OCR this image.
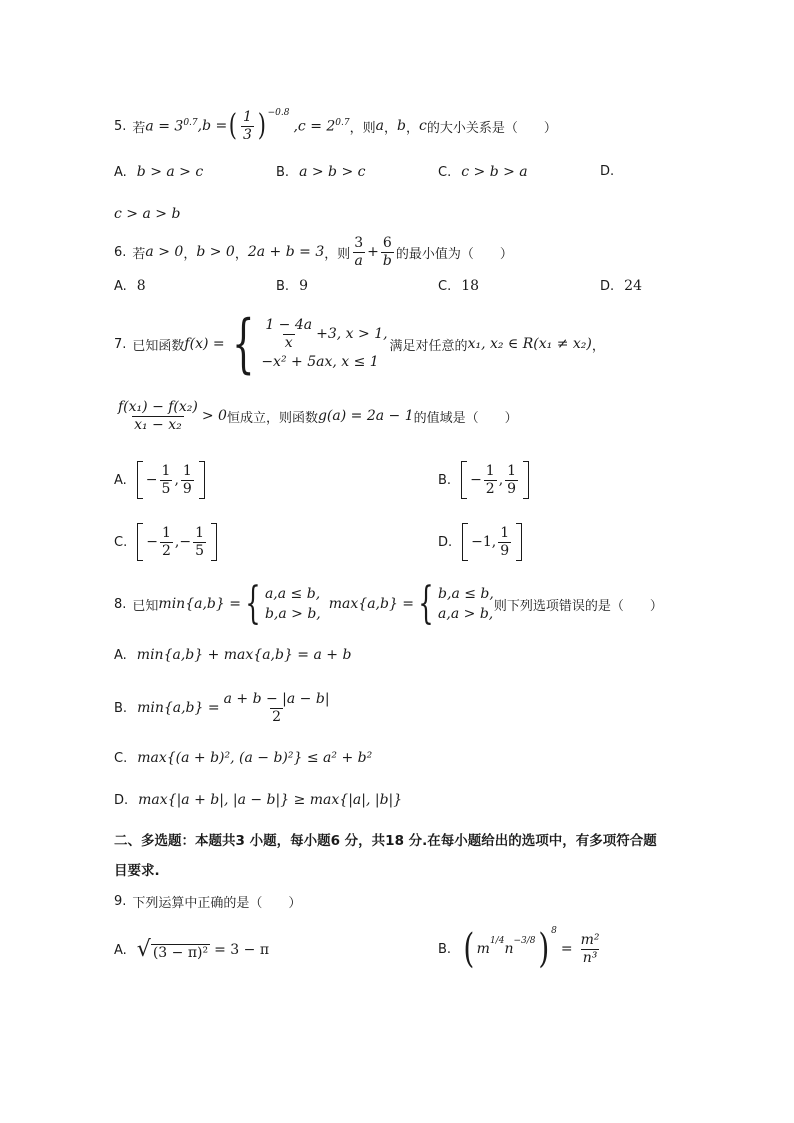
5. 若 $a = 3^{0.7}$ ,b = ( $\frac{1}{3} )^{-0.8}$
$,c = 2^{0.7}$ ，则 a ， b ， c 的大小关系是（　　）
A. b > a > c	B. a > b > c	C. c > b > a	D.
c > a > b
6. 若 a > 0 ， b > 0 ， 2a + b = 3 ，则 $\frac{3}{a} + \frac{6}{b}$ 的最小值为（　　）
A. 8	B. 9	C. 18	D. 24
7. 已知函数 f(x) = { $\frac{1 - 4a}{x} +3$, x > 1,
−x² + 5ax, x ≤ 1
满足对任意的 x₁, x₂ ∈ R(x₁ ≠ x₂) ，
$\frac{\text{f(x₁) − f(x₂)}}{\text{x₁ − x₂}} > 0$ 恒成立，则函数 g(a) = 2a − 1 的值域是（　　）
A. − $\frac{1}{5}$ , $\frac{1}{9}$	B. − $\frac{1}{2}$ , $\frac{1}{9}$
C. − $\frac{1}{2}$ , − $\frac{1}{5}$	D. −1 , $\frac{1}{9}$
8. 已知 min{a,b} = { a,a ≤ b,
b,a > b,
max{a,b} = { b,a ≤ b,
a,a > b, 则下列选项错误的是（　　）
A. min{a,b} + max{a,b} = a + b
B. $\min\{a,b\} = \frac{a + b - |a - b|}{2}$
C. max{(a + b)², (a − b)²} ≤ a² + b²
D. max{|a + b|, |a − b|} ≥ max{|a|, |b|}
二、多选题：本题共3 小题，每小题6 分，共18 分.在每小题给出的选项中，有多项符合题
目要求.
9. 下列运算中正确的是（　　）
A. √ (3 − π)² = 3 − π	B. ( $m^{1/4}$ $n^{-3/8}$ ) $^8$
= $\frac{\text{m²}}{\text{n³}}$
